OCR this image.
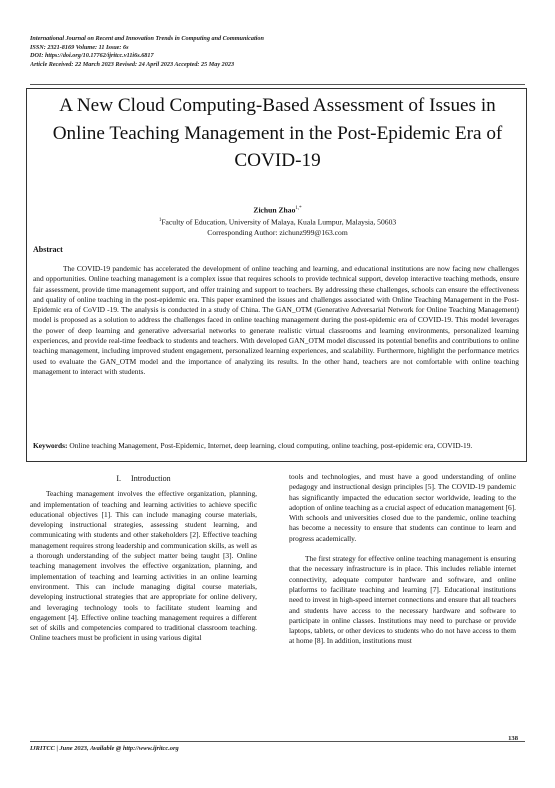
International Journal on Recent and Innovation Trends in Computing and Communication
ISSN: 2321-8169 Volume: 11 Issue: 6s
DOI: https://doi.org/10.17762/ijritcc.v11i6s.6817
Article Received: 22 March 2023 Revised: 24 April 2023 Accepted: 25 May 2023
A New Cloud Computing-Based Assessment of Issues in Online Teaching Management in the Post-Epidemic Era of COVID-19
Zichun Zhao$^{1,*}$
$^1$Faculty of Education, University of Malaya, Kuala Lumpur, Malaysia, 50603
Corresponding Author: zichunz999@163.com
Abstract

The COVID-19 pandemic has accelerated the development of online teaching and learning, and educational institutions are now facing new challenges and opportunities. Online teaching management is a complex issue that requires schools to provide technical support, develop interactive teaching methods, ensure fair assessment, provide time management support, and offer training and support to teachers. By addressing these challenges, schools can ensure the effectiveness and quality of online teaching in the post-epidemic era. This paper examined the issues and challenges associated with Online Teaching Management in the Post-Epidemic era of CoVID -19. The analysis is conducted in a study of China. The GAN_OTM (Generative Adversarial Network for Online Teaching Management) model is proposed as a solution to address the challenges faced in online teaching management during the post-epidemic era of COVID-19. This model leverages the power of deep learning and generative adversarial networks to generate realistic virtual classrooms and learning environments, personalized learning experiences, and provide real-time feedback to students and teachers. With developed GAN_OTM model discussed its potential benefits and contributions to online teaching management, including improved student engagement, personalized learning experiences, and scalability. Furthermore, highlight the performance metrics used to evaluate the GAN_OTM model and the importance of analyzing its results. In the other hand, teachers are not comfortable with online teaching management to interact with students.

Keywords: Online teaching Management, Post-Epidemic, Internet, deep learning, cloud computing, online teaching, post-epidemic era, COVID-19.

I.     Introduction

Teaching management involves the effective organization, planning, and implementation of teaching and learning activities to achieve specific educational objectives [1]. This can include managing course materials, developing instructional strategies, assessing student learning, and communicating with students and other stakeholders [2]. Effective teaching management requires strong leadership and communication skills, as well as a thorough understanding of the subject matter being taught [3]. Online teaching management involves the effective organization, planning, and implementation of teaching and learning activities in an online learning environment. This can include managing digital course materials, developing instructional strategies that are appropriate for online delivery, and leveraging technology tools to facilitate student learning and engagement [4]. Effective online teaching management requires a different set of skills and competencies compared to traditional classroom teaching. Online teachers must be proficient in using various digital

tools and technologies, and must have a good understanding of online pedagogy and instructional design principles [5]. The COVID-19 pandemic has significantly impacted the education sector worldwide, leading to the adoption of online teaching as a crucial aspect of education management [6]. With schools and universities closed due to the pandemic, online teaching has become a necessity to ensure that students can continue to learn and progress academically.

The first strategy for effective online teaching management is ensuring that the necessary infrastructure is in place. This includes reliable internet connectivity, adequate computer hardware and software, and online platforms to facilitate teaching and learning [7]. Educational institutions need to invest in high-speed internet connections and ensure that all teachers and students have access to the necessary hardware and software to participate in online classes. Institutions may need to purchase or provide laptops, tablets, or other devices to students who do not have access to them at home [8]. In addition, institutions must

138
IJRITCC | June 2023, Available @ http://www.ijritcc.org
